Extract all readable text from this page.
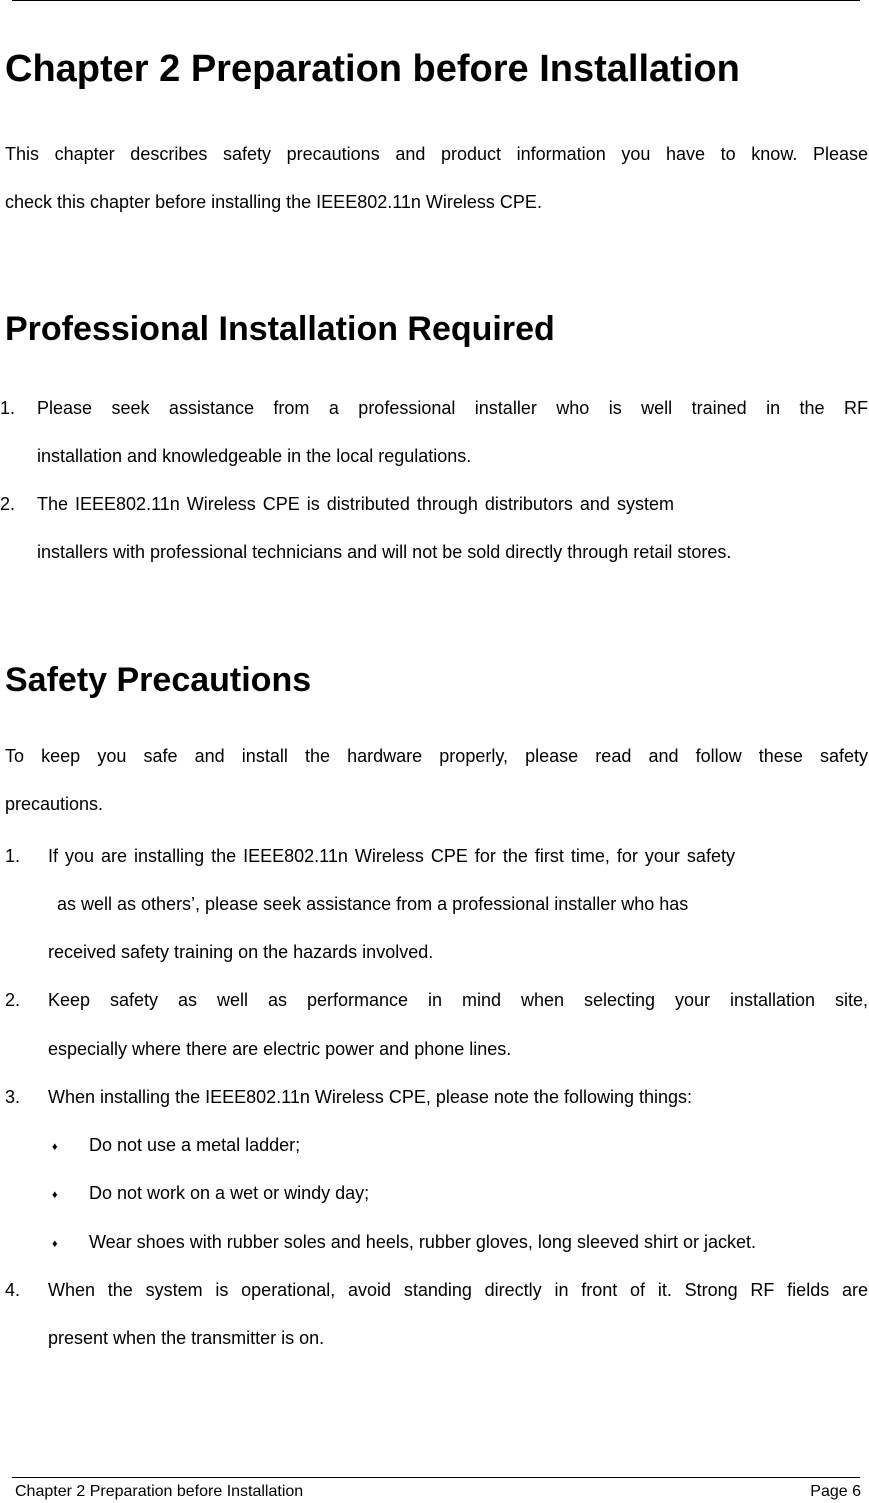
Chapter 2 Preparation before Installation
This chapter describes safety precautions and product information you have to know. Please
check this chapter before installing the IEEE802.11n Wireless CPE.
Professional Installation Required
1. Please seek assistance from a professional installer who is well trained in the RF
installation and knowledgeable in the local regulations.
2. The IEEE802.11n Wireless CPE is distributed through distributors and system
installers with professional technicians and will not be sold directly through retail stores.
Safety Precautions
To keep you safe and install the hardware properly, please read and follow these safety
precautions.
1. If you are installing the IEEE802.11n Wireless CPE for the first time, for your safety
as well as others’, please seek assistance from a professional installer who has
received safety training on the hazards involved.
2. Keep safety as well as performance in mind when selecting your installation site,
especially where there are electric power and phone lines.
3. When installing the IEEE802.11n Wireless CPE, please note the following things:
♦ Do not use a metal ladder;
♦ Do not work on a wet or windy day;
♦ Wear shoes with rubber soles and heels, rubber gloves, long sleeved shirt or jacket.
4. When the system is operational, avoid standing directly in front of it. Strong RF fields are
present when the transmitter is on.
Chapter 2 Preparation before Installation	Page 6
